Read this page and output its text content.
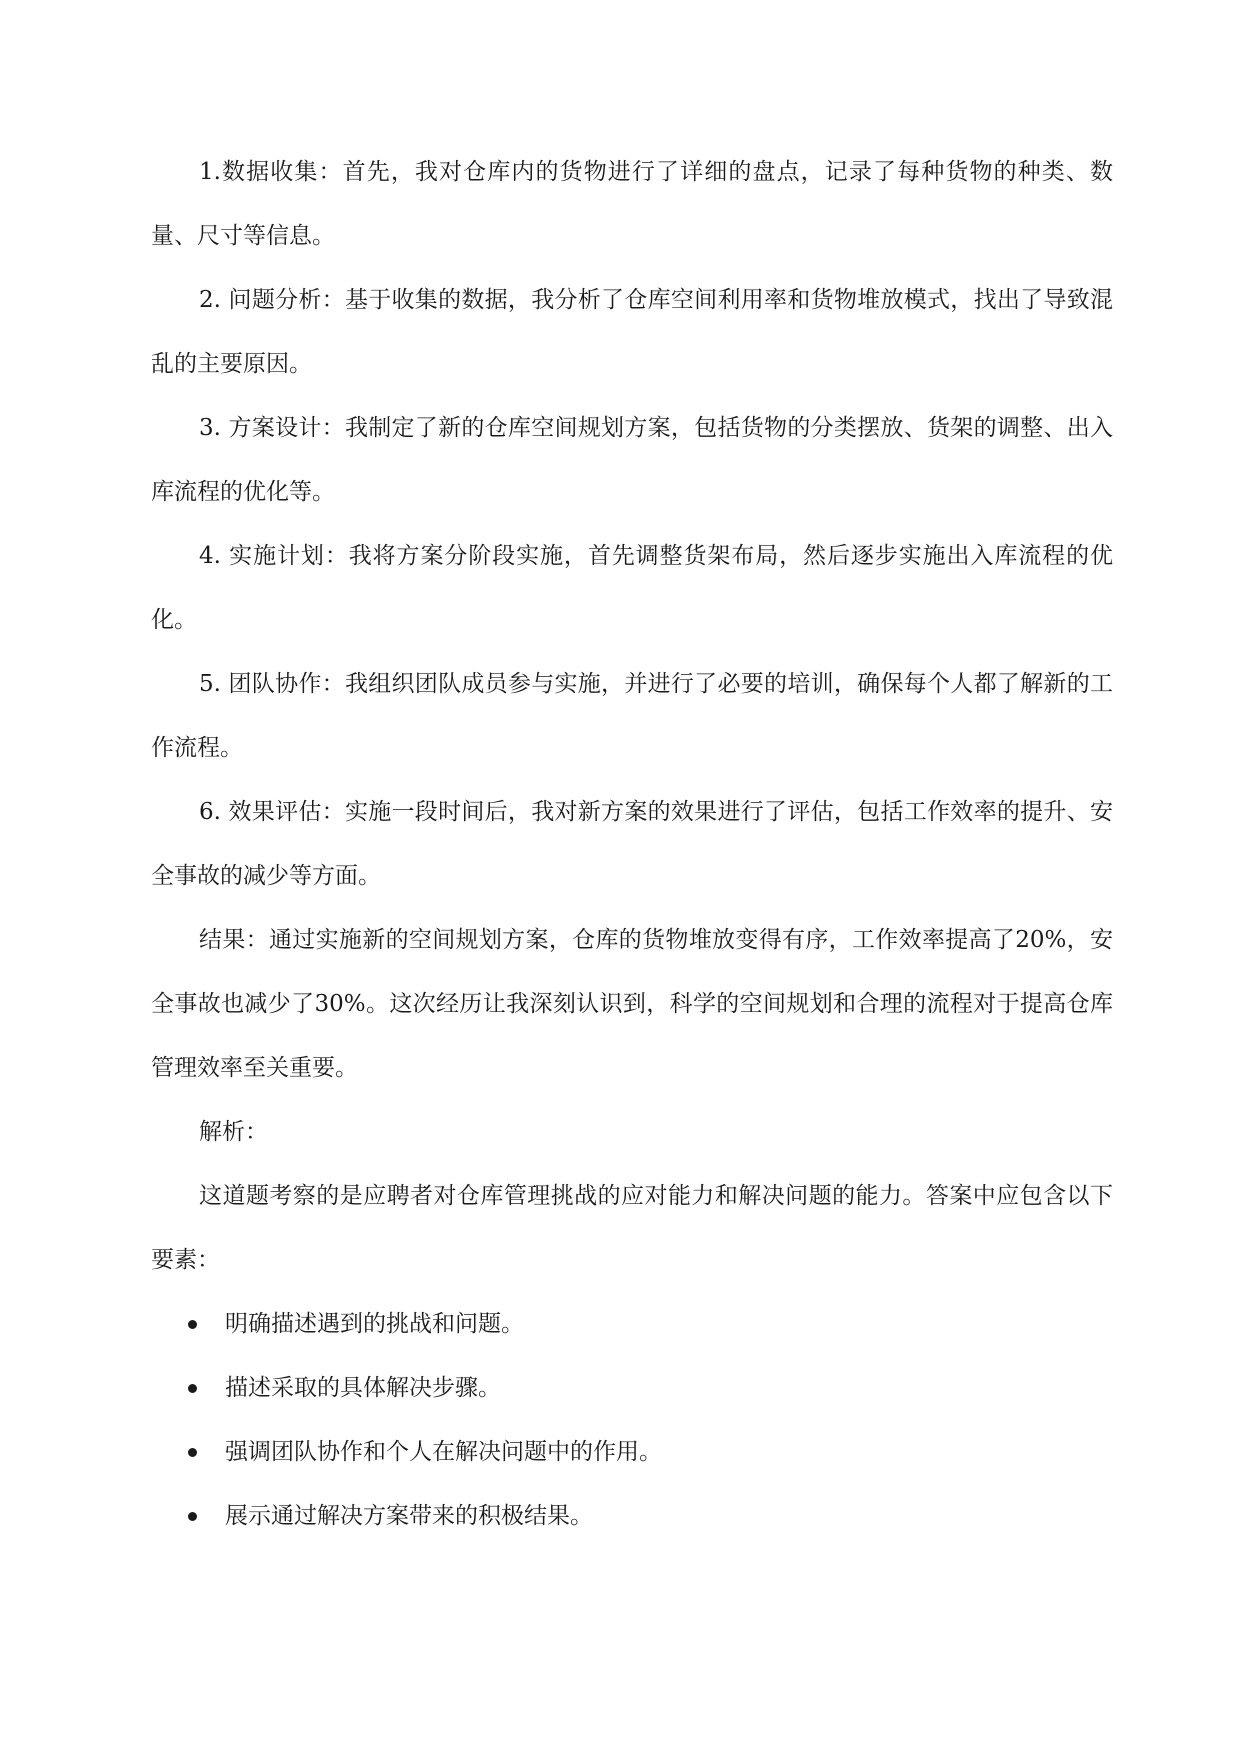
1.数据收集：首先，我对仓库内的货物进行了详细的盘点，记录了每种货物的种类、数量、尺寸等信息。

2. 问题分析：基于收集的数据，我分析了仓库空间利用率和货物堆放模式，找出了导致混乱的主要原因。

3. 方案设计：我制定了新的仓库空间规划方案，包括货物的分类摆放、货架的调整、出入库流程的优化等。

4. 实施计划：我将方案分阶段实施，首先调整货架布局，然后逐步实施出入库流程的优化。

5. 团队协作：我组织团队成员参与实施，并进行了必要的培训，确保每个人都了解新的工作流程。

6. 效果评估：实施一段时间后，我对新方案的效果进行了评估，包括工作效率的提升、安全事故的减少等方面。

结果：通过实施新的空间规划方案，仓库的货物堆放变得有序，工作效率提高了20%，安全事故也减少了30%。这次经历让我深刻认识到，科学的空间规划和合理的流程对于提高仓库管理效率至关重要。

解析：

这道题考察的是应聘者对仓库管理挑战的应对能力和解决问题的能力。答案中应包含以下要素：

明确描述遇到的挑战和问题。
描述采取的具体解决步骤。
强调团队协作和个人在解决问题中的作用。
展示通过解决方案带来的积极结果。
